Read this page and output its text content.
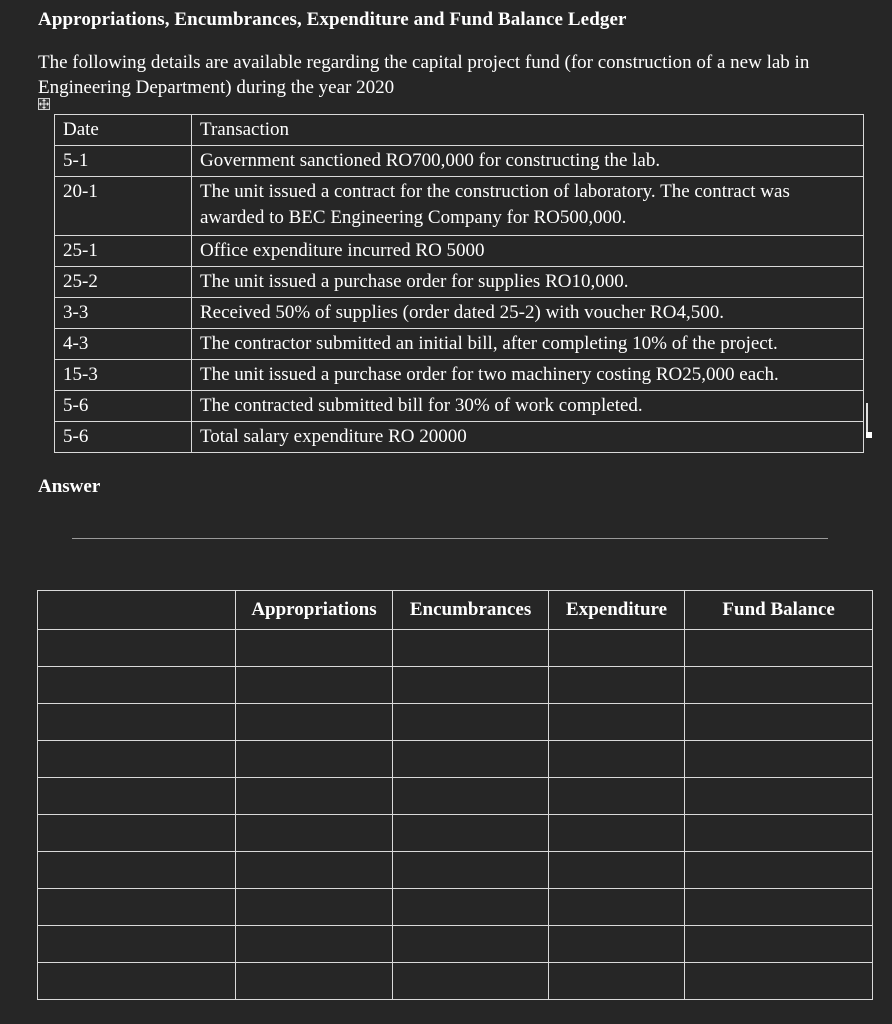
Appropriations, Encumbrances, Expenditure and Fund Balance Ledger

The following details are available regarding the capital project fund (for construction of a new lab in Engineering Department) during the year 2020

Date	Transaction
5-1	Government sanctioned RO700,000 for constructing the lab.
20-1	The unit issued a contract for the construction of laboratory. The contract was awarded to BEC Engineering Company for RO500,000.
25-1	Office expenditure incurred RO 5000
25-2	The unit issued a purchase order for supplies RO10,000.
3-3	Received 50% of supplies (order dated 25-2) with voucher RO4,500.
4-3	The contractor submitted an initial bill, after completing 10% of the project.
15-3	The unit issued a purchase order for two machinery costing RO25,000 each.
5-6	The contracted submitted bill for 30% of work completed.
5-6	Total salary expenditure RO 20000
Answer
	Appropriations	Encumbrances	Expenditure	Fund Balance
